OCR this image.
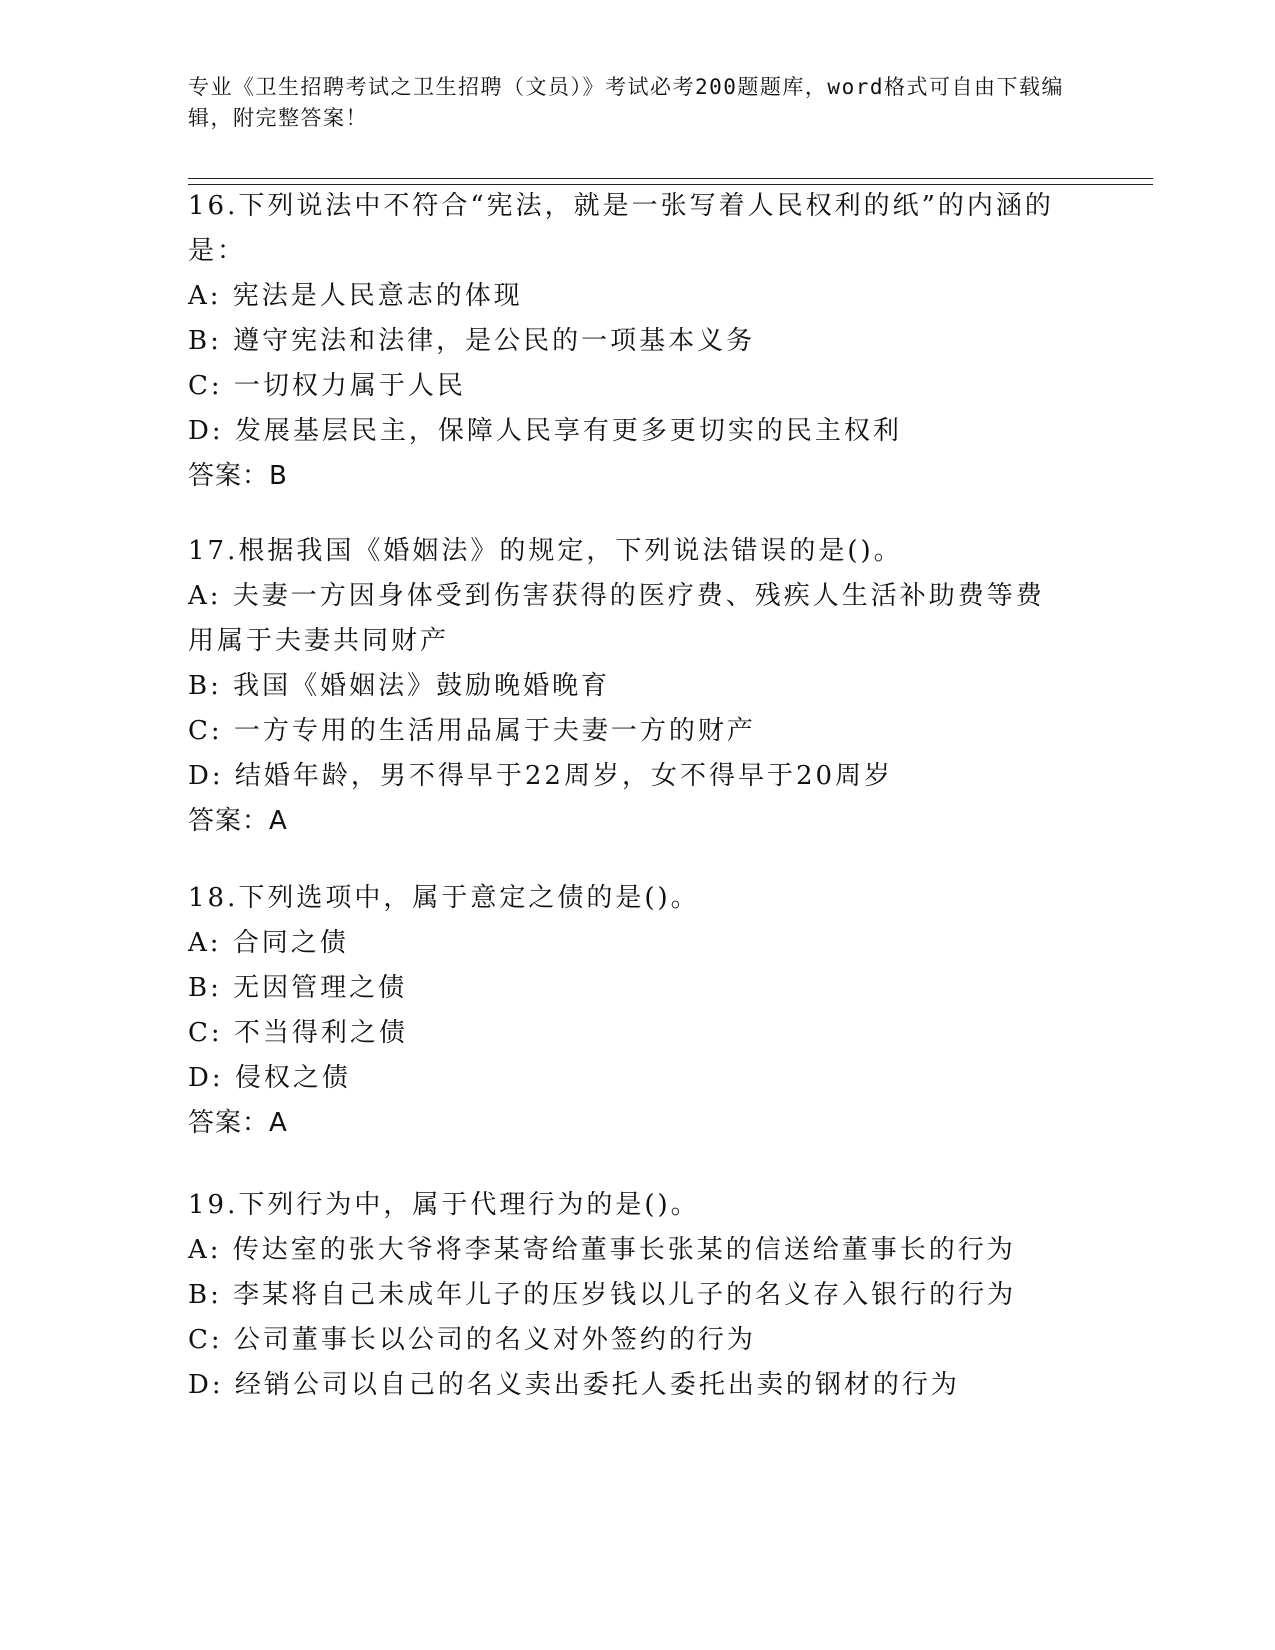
专业《卫生招聘考试之卫生招聘（文员）》考试必考200题题库，word格式可自由下载编辑，附完整答案！
16.下列说法中不符合“宪法，就是一张写着人民权利的纸”的内涵的是：
A: 宪法是人民意志的体现
B: 遵守宪法和法律，是公民的一项基本义务
C: 一切权力属于人民
D: 发展基层民主，保障人民享有更多更切实的民主权利
答案：B
17.根据我国《婚姻法》的规定，下列说法错误的是()。
A: 夫妻一方因身体受到伤害获得的医疗费、残疾人生活补助费等费用属于夫妻共同财产
B: 我国《婚姻法》鼓励晚婚晚育
C: 一方专用的生活用品属于夫妻一方的财产
D: 结婚年龄，男不得早于22周岁，女不得早于20周岁
答案：A
18.下列选项中，属于意定之债的是()。
A: 合同之债
B: 无因管理之债
C: 不当得利之债
D: 侵权之债
答案：A
19.下列行为中，属于代理行为的是()。
A: 传达室的张大爷将李某寄给董事长张某的信送给董事长的行为
B: 李某将自己未成年儿子的压岁钱以儿子的名义存入银行的行为
C: 公司董事长以公司的名义对外签约的行为
D: 经销公司以自己的名义卖出委托人委托出卖的钢材的行为
